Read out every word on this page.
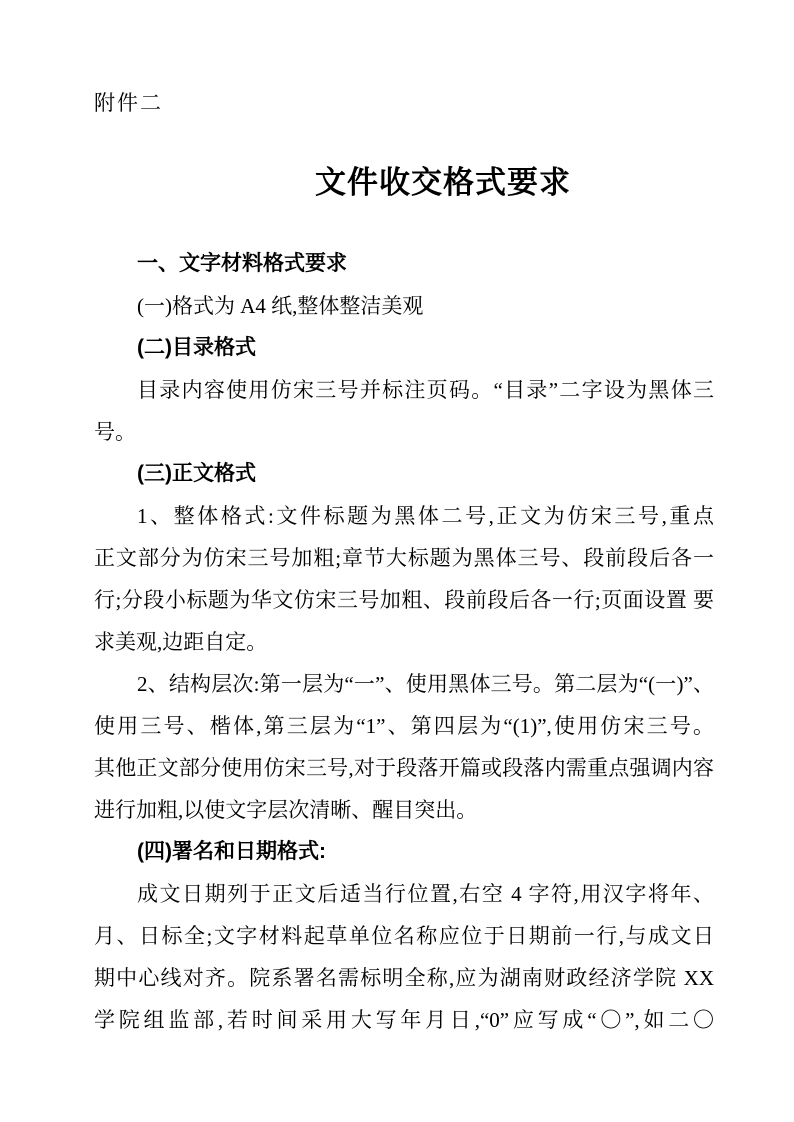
附件二
文件收交格式要求
一、文字材料格式要求
(一)格式为 A4 纸,整体整洁美观
(二)目录格式
目录内容使用仿宋三号并标注页码。“目录”二字设为黑体三
号。
(三)正文格式
1、整体格式:文件标题为黑体二号,正文为仿宋三号,重点
正文部分为仿宋三号加粗;章节大标题为黑体三号、段前段后各一
行;分段小标题为华文仿宋三号加粗、段前段后各一行;页面设置 要
求美观,边距自定。
2、结构层次:第一层为“一”、使用黑体三号。第二层为“(一)”、
使用三号、楷体,第三层为“1”、第四层为“(1)”,使用仿宋三号。
其他正文部分使用仿宋三号,对于段落开篇或段落内需重点强调内容
进行加粗,以使文字层次清晰、醒目突出。
(四)署名和日期格式:
成文日期列于正文后适当行位置,右空 4 字符,用汉字将年、
月、日标全;文字材料起草单位名称应位于日期前一行,与成文日
期中心线对齐。院系署名需标明全称,应为湖南财政经济学院 XX
学院组监部,若时间采用大写年月日,“0”应写成“〇”,如二〇
